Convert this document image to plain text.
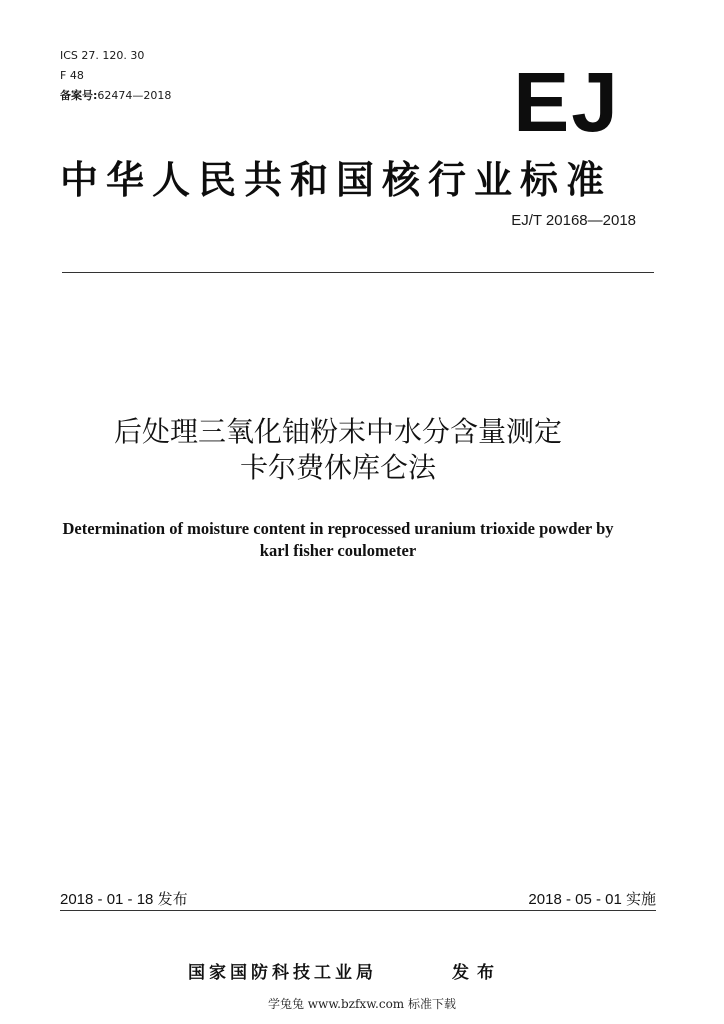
ICS 27. 120. 30
F 48
备案号:62474—2018	EJ
中华人民共和国核行业标准
EJ/T 20168—2018
后处理三氧化铀粉末中水分含量测定
卡尔费休库仑法
Determination of moisture content in reprocessed uranium trioxide powder by
karl fisher coulometer
2018 - 01 - 18 发布	2018 - 05 - 01 实施
国家国防科技工业局	发布
学兔兔 www.bzfxw.com 标准下载
